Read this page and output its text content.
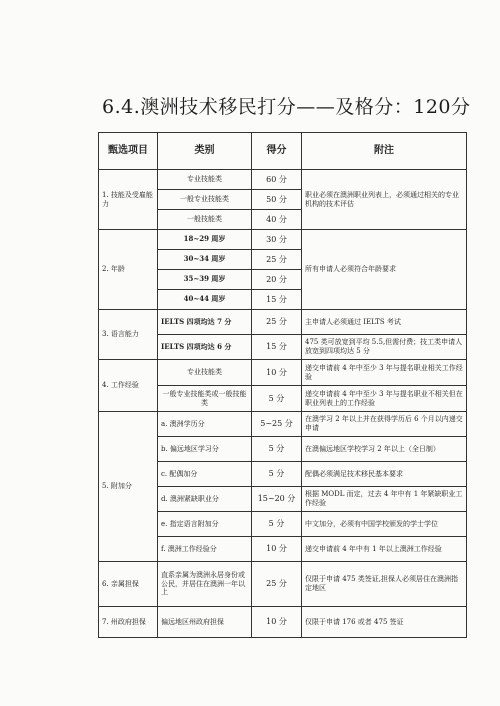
6.4.澳洲技术移民打分——及格分：120分
甄选项目	类别	得分	附注
1. 技能及受雇能力	专业技能类	60 分	职业必须在澳洲职业列表上，必须通过相关的专业机构的技术评估
	一般专业技能类	50 分	
	一般技能类	40 分	
2. 年龄	18~29 周岁	30 分	所有申请人必须符合年龄要求
	30~34 周岁	25 分	
	35~39 周岁	20 分	
	40~44 周岁	15 分	
3. 语言能力	IELTS 四项均达 7 分	25 分	主申请人必须通过 IELTS 考试
	IELTS 四项均达 6 分	15 分	475 类可放宽到平均 5.5,但需付费；技工类申请人放宽到四项均达 5 分
4. 工作经验	专业技能类	10 分	递交申请前 4 年中至少 3 年与提名职业相关工作经验
	一般专业技能类或一般技能类	5 分	递交申请前 4 年中至少 3 年与提名职业不相关但在职业列表上的工作经验
5. 附加分	a. 澳洲学历分	5~25 分	在澳学习 2 年以上并在获得学历后 6 个月以内递交申请
	b. 偏远地区学习分	5 分	在澳偏远地区学校学习 2 年以上（全日制）
	c. 配偶加分	5 分	配偶必须满足技术移民基本要求
	d. 澳洲紧缺职业分	15~20 分	根据 MODL 而定，过去 4 年中有 1 年紧缺职业工作经验
	e. 指定语言附加分	5 分	中文加分，必须有中国学校颁发的学士学位
	f. 澳洲工作经验分	10 分	递交申请前 4 年中有 1 年以上澳洲工作经验
6. 亲属担保	直系亲属为澳洲永居身份或公民，并居住在澳洲一年以上	25 分	仅限于申请 475 类签证,担保人必须居住在澳洲指定地区
7. 州政府担保	偏远地区州政府担保	10 分	仅限于申请 176 或者 475 签证
